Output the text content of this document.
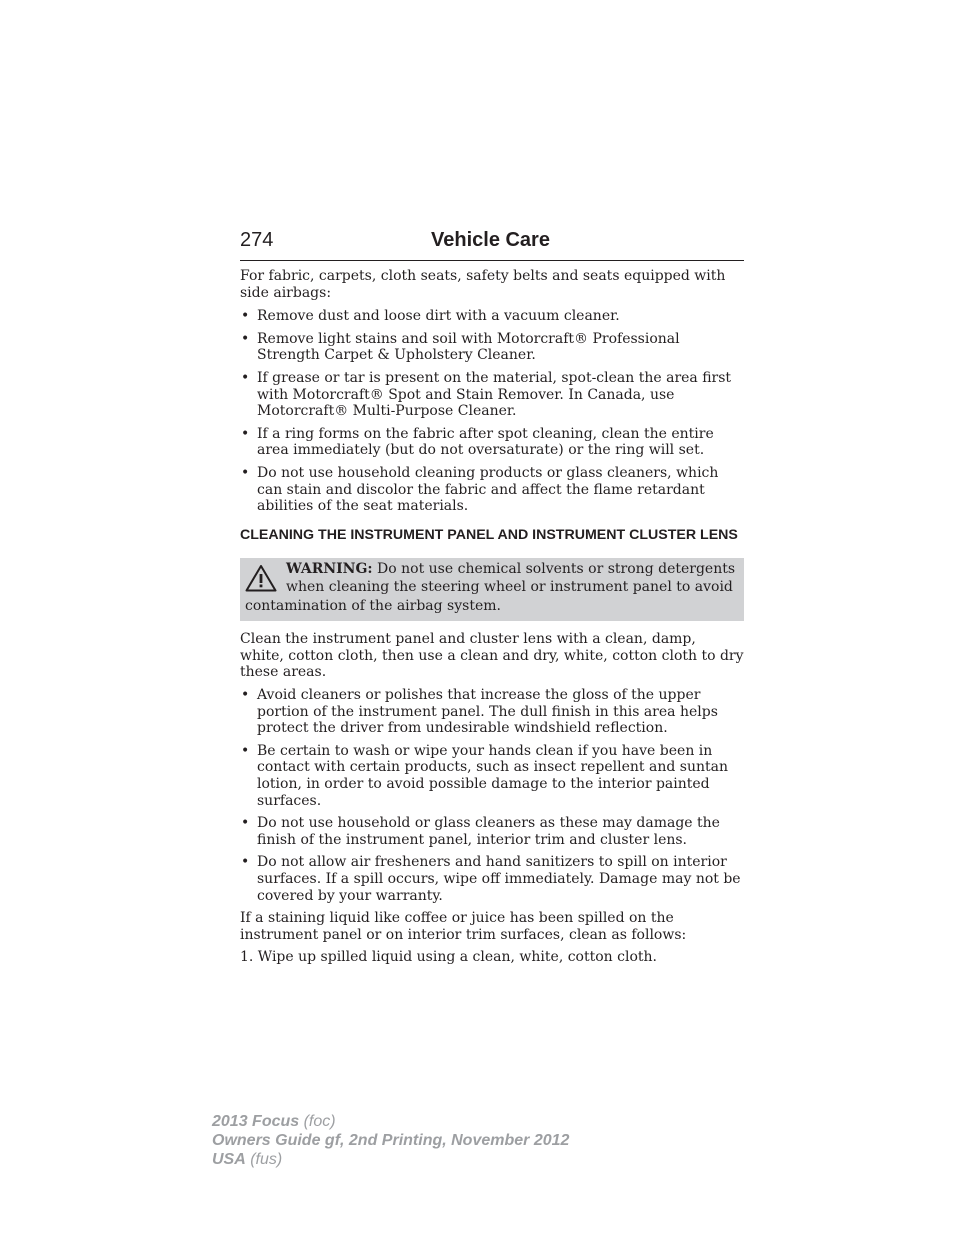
274	Vehicle Care

For fabric, carpets, cloth seats, safety belts and seats equipped with side airbags:

• Remove dust and loose dirt with a vacuum cleaner.
• Remove light stains and soil with Motorcraft® Professional Strength Carpet & Upholstery Cleaner.
• If grease or tar is present on the material, spot-clean the area first with Motorcraft® Spot and Stain Remover. In Canada, use Motorcraft® Multi-Purpose Cleaner.
• If a ring forms on the fabric after spot cleaning, clean the entire area immediately (but do not oversaturate) or the ring will set.
• Do not use household cleaning products or glass cleaners, which can stain and discolor the fabric and affect the flame retardant abilities of the seat materials.
CLEANING THE INSTRUMENT PANEL AND INSTRUMENT CLUSTER LENS
WARNING: Do not use chemical solvents or strong detergents when cleaning the steering wheel or instrument panel to avoid contamination of the airbag system.

Clean the instrument panel and cluster lens with a clean, damp, white, cotton cloth, then use a clean and dry, white, cotton cloth to dry these areas.

• Avoid cleaners or polishes that increase the gloss of the upper portion of the instrument panel. The dull finish in this area helps protect the driver from undesirable windshield reflection.
• Be certain to wash or wipe your hands clean if you have been in contact with certain products, such as insect repellent and suntan lotion, in order to avoid possible damage to the interior painted surfaces.
• Do not use household or glass cleaners as these may damage the finish of the instrument panel, interior trim and cluster lens.
• Do not allow air fresheners and hand sanitizers to spill on interior surfaces. If a spill occurs, wipe off immediately. Damage may not be covered by your warranty.

If a staining liquid like coffee or juice has been spilled on the instrument panel or on interior trim surfaces, clean as follows:

1. Wipe up spilled liquid using a clean, white, cotton cloth.

2013 Focus (foc)
Owners Guide gf, 2nd Printing, November 2012
USA (fus)
